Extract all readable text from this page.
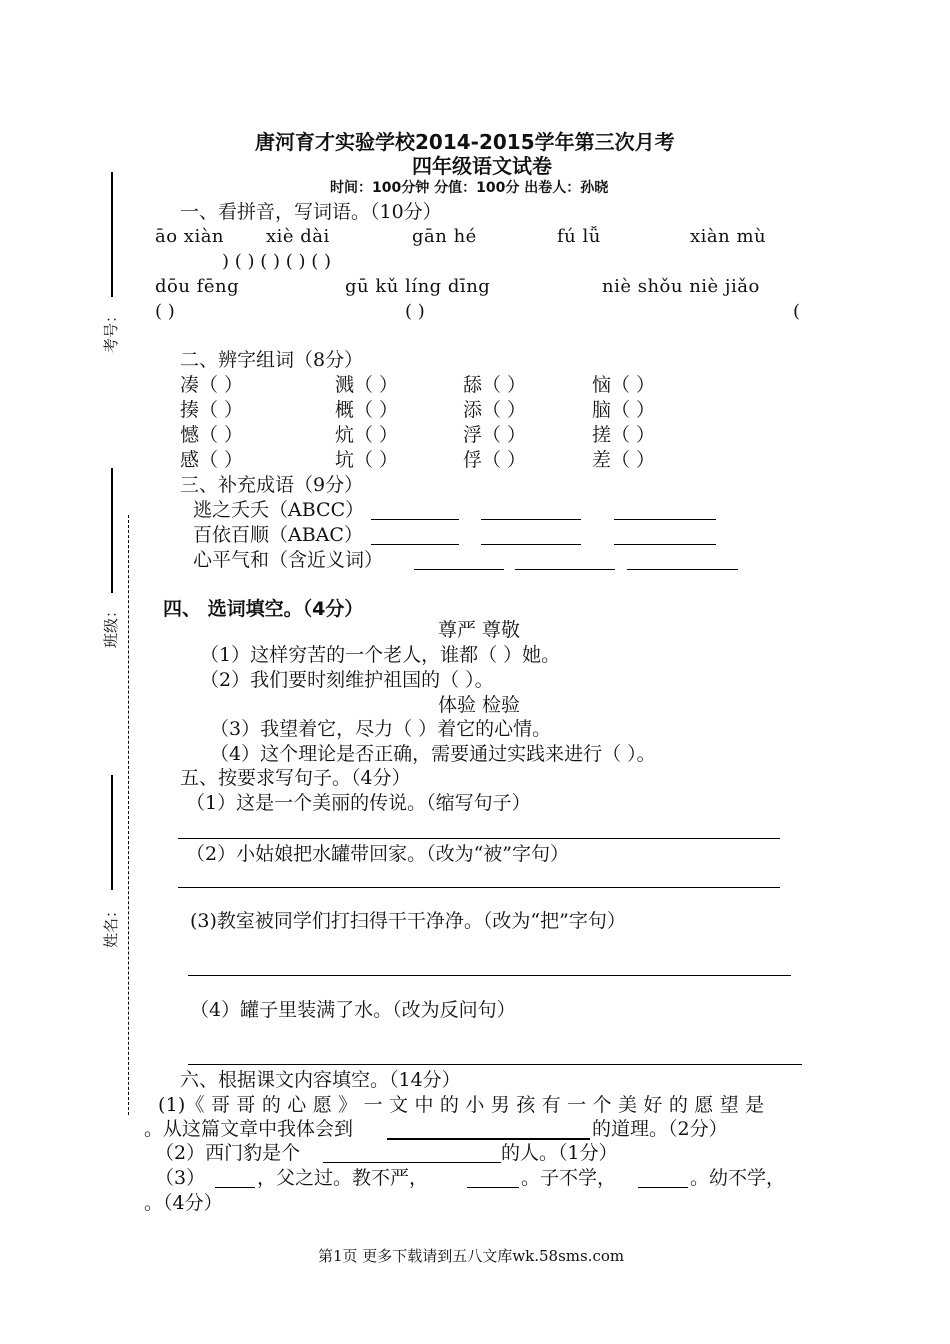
唐河育才实验学校2014-2015学年第三次月考
四年级语文试卷
时间：100分钟 分值：100分 出卷人：孙晓
考号：
班级：
姓名：
一、看拼音，写词语。（10分）
āo xiàn xiè dài	gān hé	fú lǚ	xiàn mù
) ( ) ( ) ( ) ( )
dōu fēng	gū kǔ líng dīng	niè shǒu niè jiǎo
( )	( )	(
二、辨字组词（8分）
凑（ ）	溅（ ）	舔（ ）	恼（ ）
揍（ ）	概（ ）	添（ ）	脑（ ）
憾（ ）	炕（ ）	浮（ ）	搓（ ）
感（ ）	坑（ ）	俘（ ）	差（ ）
三、补充成语（9分）
逃之夭夭（ABCC）
百依百顺（ABAC）
心平气和（含近义词）
四、 选词填空。（4分）
尊严 尊敬
（1）这样穷苦的一个老人，谁都（ ）她。
（2）我们要时刻维护祖国的（ ）。
体验 检验
（3）我望着它，尽力（ ）着它的心情。
（4）这个理论是否正确，需要通过实践来进行（ ）。
五、按要求写句子。（4分）
（1）这是一个美丽的传说。（缩写句子）
（2）小姑娘把水罐带回家。（改为“被”字句）
(3)教室被同学们打扫得干干净净。（改为“把”字句）
（4）罐子里装满了水。（改为反问句）
六、根据课文内容填空。（14分）
(1)《 哥 哥 的 心 愿 》 一 文 中 的 小 男 孩 有 一 个 美 好 的 愿 望 是
。从这篇文章中我体会到	的道理。（2分）
（2）西门豹是个	的人。（1分）
（3）	，父之过。教不严，	。子不学，	。幼不学，
。（4分）
第1页 更多下载请到五八文库wk.58sms.com
